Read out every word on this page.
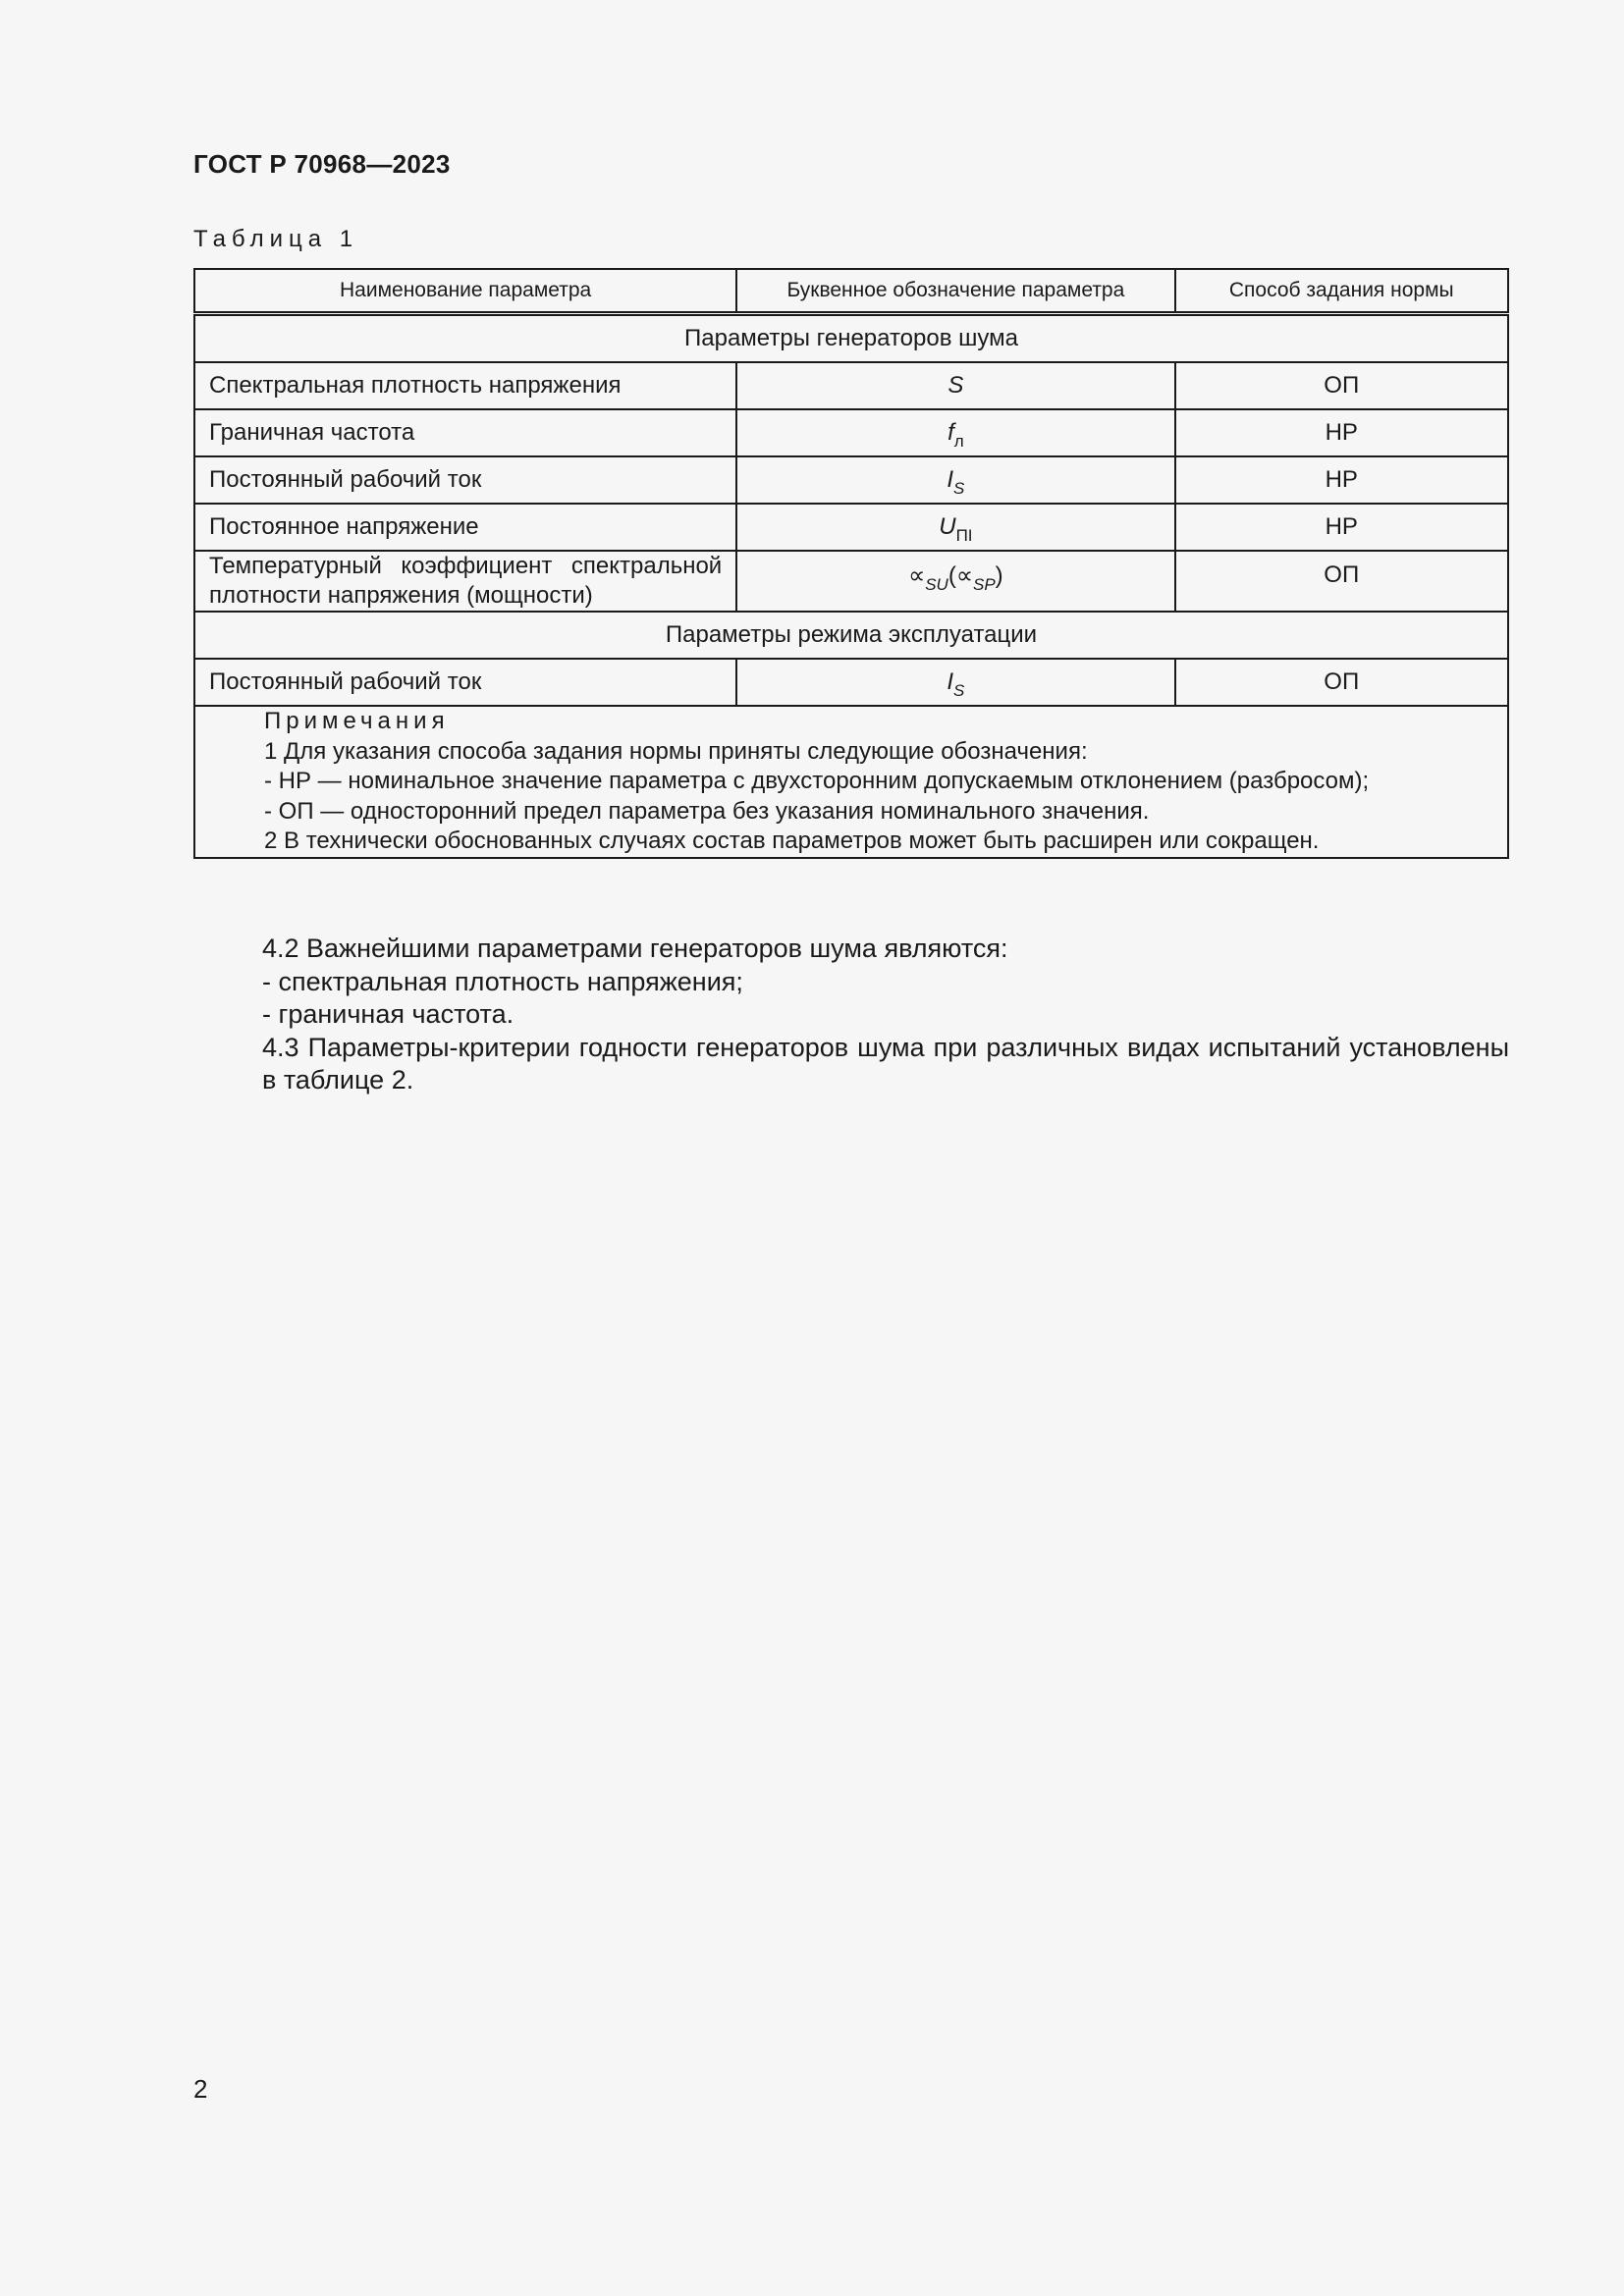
ГОСТ Р 70968—2023
Таблица 1
Наименование параметра	Буквенное обозначение параметра	Способ задания нормы
Параметры генераторов шума		
Спектральная плотность напряжения	S	ОП
Граничная частота	$f_л$	НР
Постоянный рабочий ток	$I_S$	НР
Постоянное напряжение	$U_{ПI}$	НР

Температурный коэффициент спектральной плотности напряжения (мощности)	$\propto_{SU}(\propto_{SP})$	ОП
Параметры режима эксплуатации		
Постоянный рабочий ток	$I_S$	ОП

Примечания
1 Для указания способа задания нормы приняты следующие обозначения:
- НР — номинальное значение параметра с двухсторонним допускаемым отклонением (разбросом);
- ОП — односторонний предел параметра без указания номинального значения.
2 В технически обоснованных случаях состав параметров может быть расширен или сокращен.		
4.2 Важнейшими параметрами генераторов шума являются:
- спектральная плотность напряжения;
- граничная частота.
4.3 Параметры-критерии годности генераторов шума при различных видах испытаний установлены в таблице 2.
2
